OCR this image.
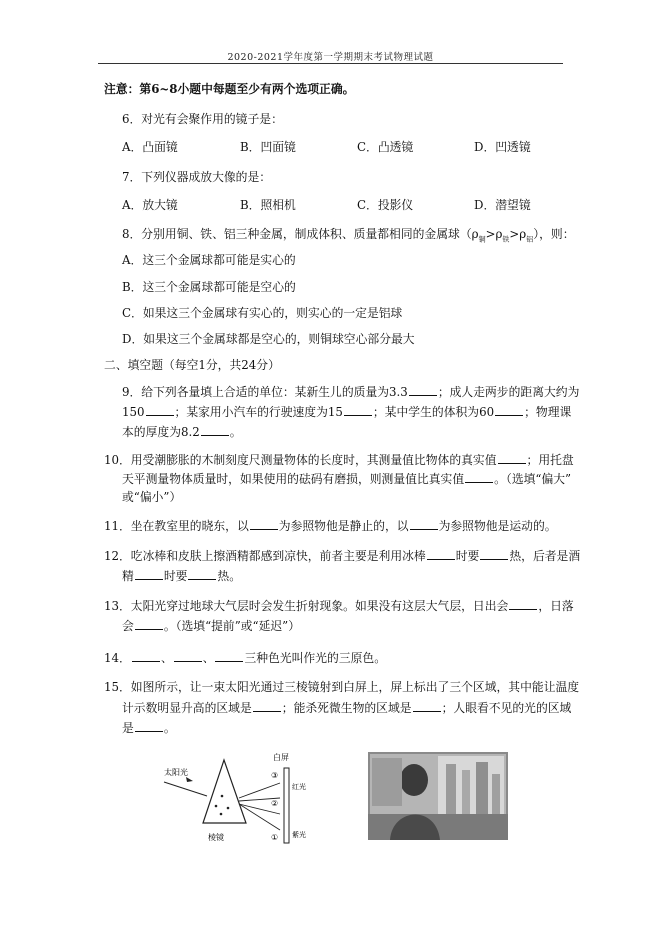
2020-2021学年度第一学期期末考试物理试题
注意：第6~8小题中每题至少有两个选项正确。
6．对光有会聚作用的镜子是：
A．凸面镜	B．凹面镜	C．凸透镜	D．凹透镜
7．下列仪器成放大像的是：
A．放大镜	B．照相机	C．投影仪	D．潜望镜
8．分别用铜、铁、铝三种金属，制成体积、质量都相同的金属球$(\rho_铜>\rho_铁>\rho_铝)$，则：
A．这三个金属球都可能是实心的
B．这三个金属球都可能是空心的
C．如果这三个金属球有实心的，则实心的一定是铝球
D．如果这三个金属球都是空心的，则铜球空心部分最大
二、填空题（每空1分，共24分）
9．给下列各量填上合适的单位：某新生儿的质量为3.3	；成人走两步的距离大约为
150	；某家用小汽车的行驶速度为15	；某中学生的体积为60	；物理课
本的厚度为8.2	。
10．用受潮膨胀的木制刻度尺测量物体的长度时，其测量值比物体的真实值	；用托盘
天平测量物体质量时，如果使用的砝码有磨损，则测量值比真实值	。（选填“偏大”
或“偏小”）
11．坐在教室里的晓东，以	为参照物他是静止的，以	为参照物他是运动的。
12．吃冰棒和皮肤上擦酒精都感到凉快，前者主要是利用冰棒	时要	热，后者是酒
精	时要	热。
13．太阳光穿过地球大气层时会发生折射现象。如果没有这层大气层，日出会	，日落
会	。（选填“提前”或“延迟”）
14．	、	、	三种色光叫作光的三原色。
15．如图所示，让一束太阳光通过三棱镜射到白屏上，屏上标出了三个区域，其中能让温度
计示数明显升高的区域是	；能杀死微生物的区域是	；人眼看不见的光的区域
是	。
太阳光
白屏
③
②
①
红光
紫光
棱镜
